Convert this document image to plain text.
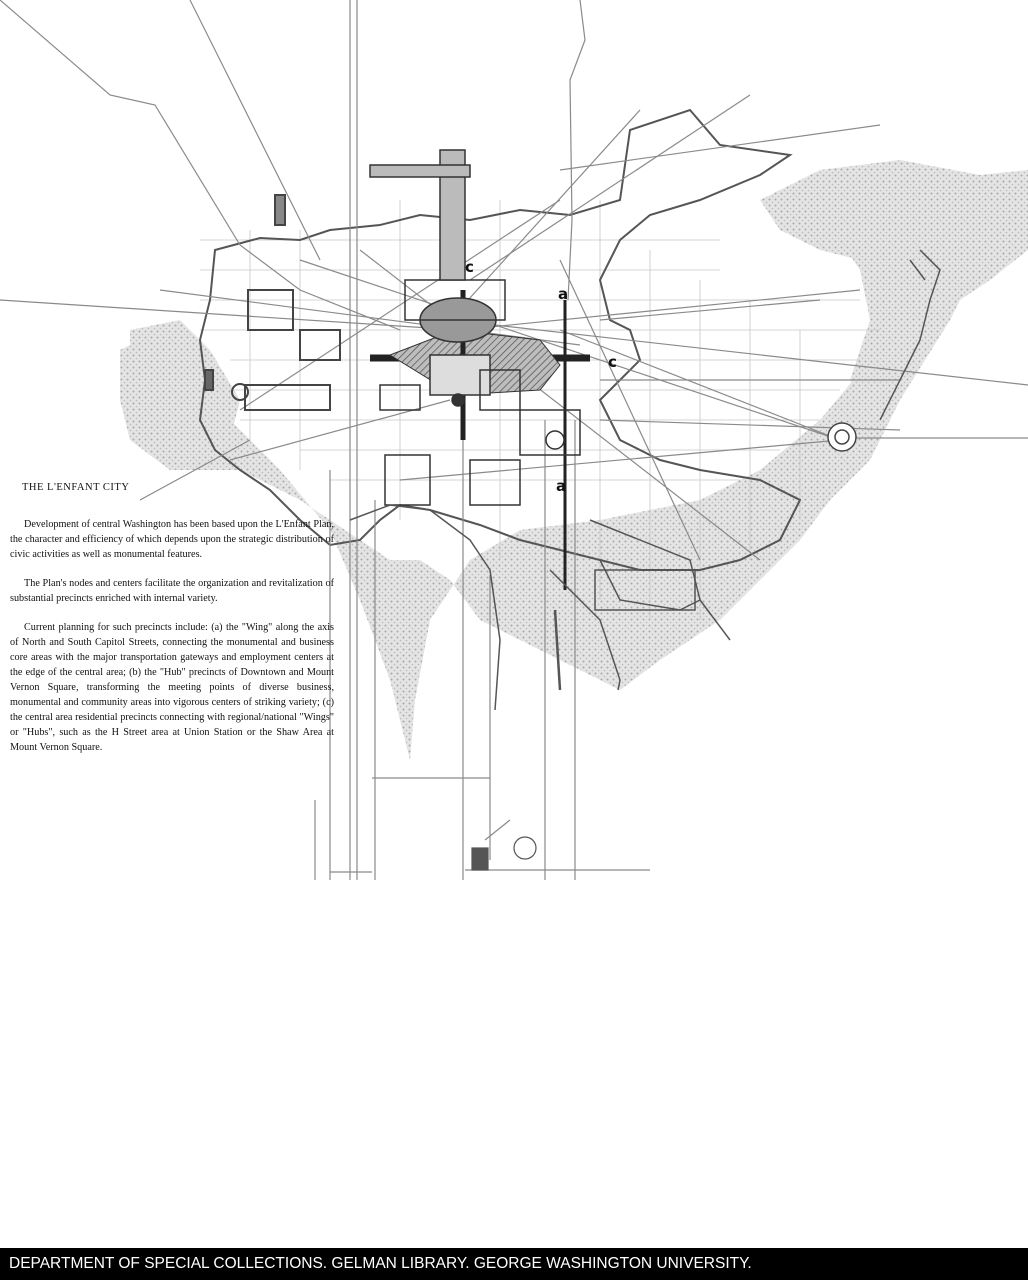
THE L'ENFANT CITY

Development of central Washington has been based upon the L'Enfant Plan, the character and efficiency of which depends upon the strategic distribution of civic activities as well as monumental features.

The Plan's nodes and centers facilitate the organization and revitalization of substantial precincts enriched with internal variety.

Current planning for such precincts include: (a) the "Wing" along the axis of North and South Capitol Streets, connecting the monumental and business core areas with the major transportation gateways and employment centers at the edge of the central area; (b) the "Hub" precincts of Downtown and Mount Vernon Square, transforming the meeting points of diverse business, monumental and community areas into vigorous centers of striking variety; (c) the central area residential precincts connecting with regional/national "Wings" or "Hubs", such as the H Street area at Union Station or the Shaw Area at Mount Vernon Square.

c
a
c
a
DEPARTMENT OF SPECIAL COLLECTIONS. GELMAN LIBRARY. GEORGE WASHINGTON UNIVERSITY.
